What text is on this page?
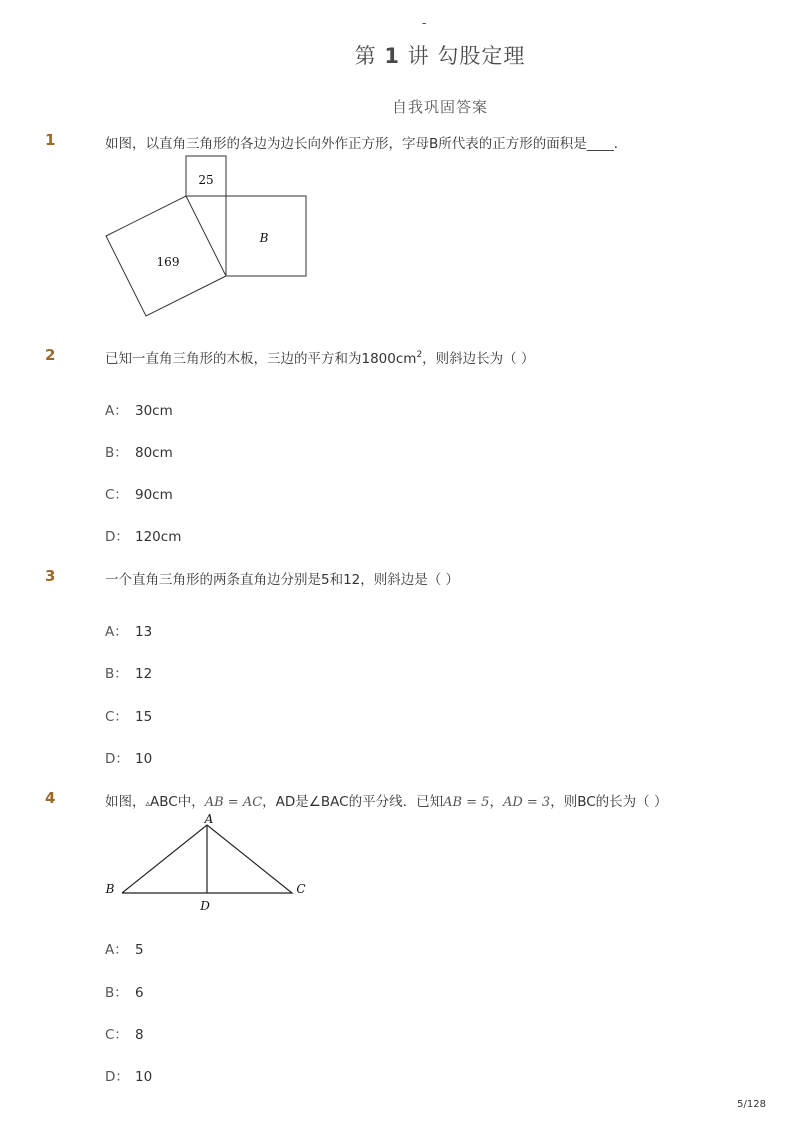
-
第 1 讲 勾股定理
自我巩固答案
1	如图，以直角三角形的各边为边长向外作正方形，字母B所代表的正方形的面积是____．
25
169
B
2	已知一直角三角形的木板，三边的平方和为$1800cm^2$，则斜边长为（ ）
A： 30cm
B： 80cm
C： 90cm
D： 120cm
3	一个直角三角形的两条直角边分别是5和12，则斜边是（ ）
A： 13
B： 12
C： 15
D： 10
4	如图，▵ABC中，AB = AC，AD是∠BAC的平分线．已知AB = 5，AD = 3，则BC的长为（ ）
A
B	C
D
A： 5
B： 6
C： 8
D： 10
5/128
